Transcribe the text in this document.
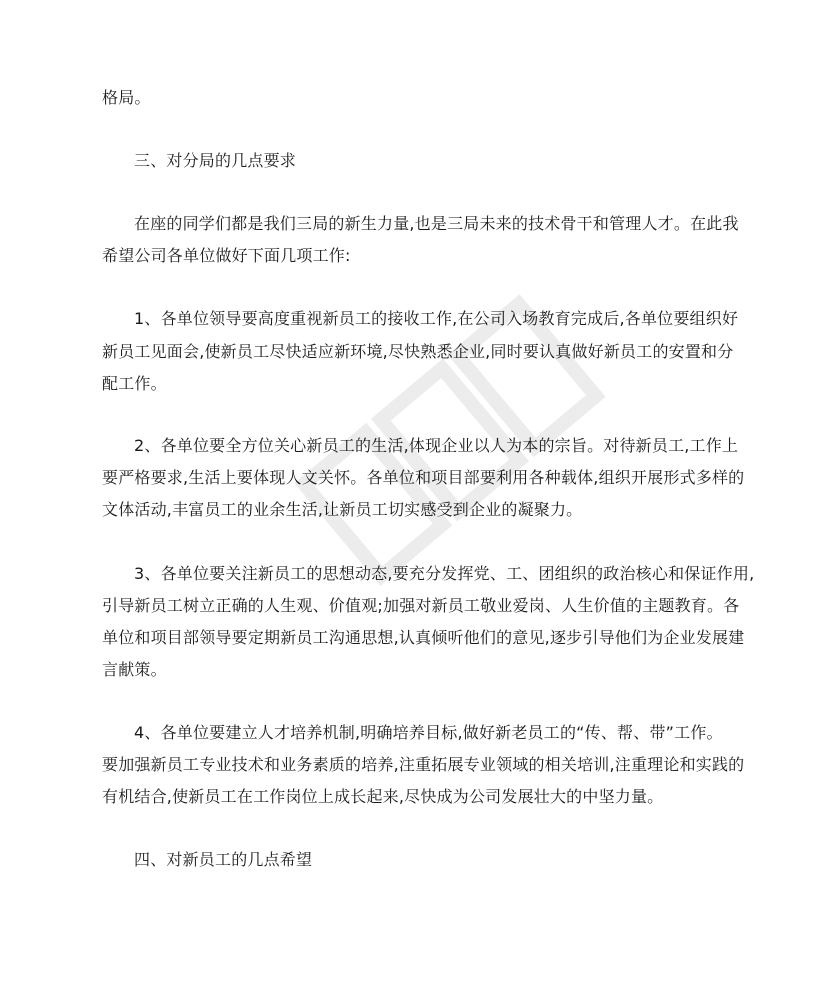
格局。
三、对分局的几点要求
在座的同学们都是我们三局的新生力量,也是三局未来的技术骨干和管理人才。在此我
希望公司各单位做好下面几项工作:
1、各单位领导要高度重视新员工的接收工作,在公司入场教育完成后,各单位要组织好
新员工见面会,使新员工尽快适应新环境,尽快熟悉企业,同时要认真做好新员工的安置和分
配工作。
2、各单位要全方位关心新员工的生活,体现企业以人为本的宗旨。对待新员工,工作上
要严格要求,生活上要体现人文关怀。各单位和项目部要利用各种载体,组织开展形式多样的
文体活动,丰富员工的业余生活,让新员工切实感受到企业的凝聚力。
3、各单位要关注新员工的思想动态,要充分发挥党、工、团组织的政治核心和保证作用,
引导新员工树立正确的人生观、价值观;加强对新员工敬业爱岗、人生价值的主题教育。各
单位和项目部领导要定期新员工沟通思想,认真倾听他们的意见,逐步引导他们为企业发展建
言献策。
4、各单位要建立人才培养机制,明确培养目标,做好新老员工的“传、帮、带”工作。
要加强新员工专业技术和业务素质的培养,注重拓展专业领域的相关培训,注重理论和实践的
有机结合,使新员工在工作岗位上成长起来,尽快成为公司发展壮大的中坚力量。
四、对新员工的几点希望
